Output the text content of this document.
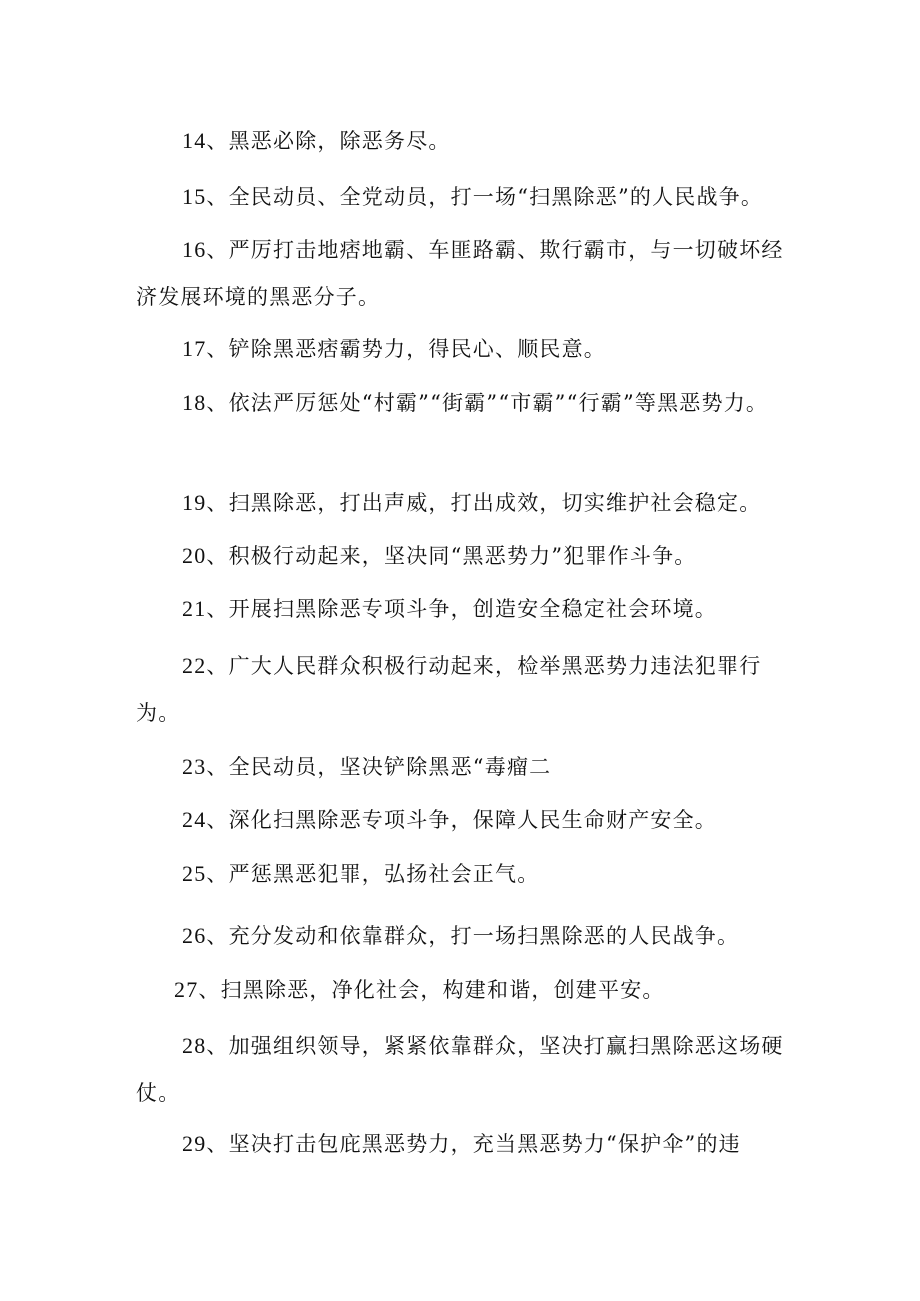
14、黑恶必除，除恶务尽。

15、全民动员、全党动员，打一场“扫黑除恶”的人民战争。

16、严厉打击地痞地霸、车匪路霸、欺行霸市，与一切破坏经济发展环境的黑恶分子。

17、铲除黑恶痞霸势力，得民心、顺民意。

18、依法严厉惩处“村霸”“街霸”“市霸”“行霸”等黑恶势力。

19、扫黑除恶，打出声威，打出成效，切实维护社会稳定。

20、积极行动起来，坚决同“黑恶势力”犯罪作斗争。

21、开展扫黑除恶专项斗争，创造安全稳定社会环境。

22、广大人民群众积极行动起来，检举黑恶势力违法犯罪行为。

23、全民动员，坚决铲除黑恶“毒瘤二

24、深化扫黑除恶专项斗争，保障人民生命财产安全。

25、严惩黑恶犯罪，弘扬社会正气。

26、充分发动和依靠群众，打一场扫黑除恶的人民战争。

27、扫黑除恶，净化社会，构建和谐，创建平安。

28、加强组织领导，紧紧依靠群众，坚决打赢扫黑除恶这场硬仗。

29、坚决打击包庇黑恶势力，充当黑恶势力“保护伞”的违
